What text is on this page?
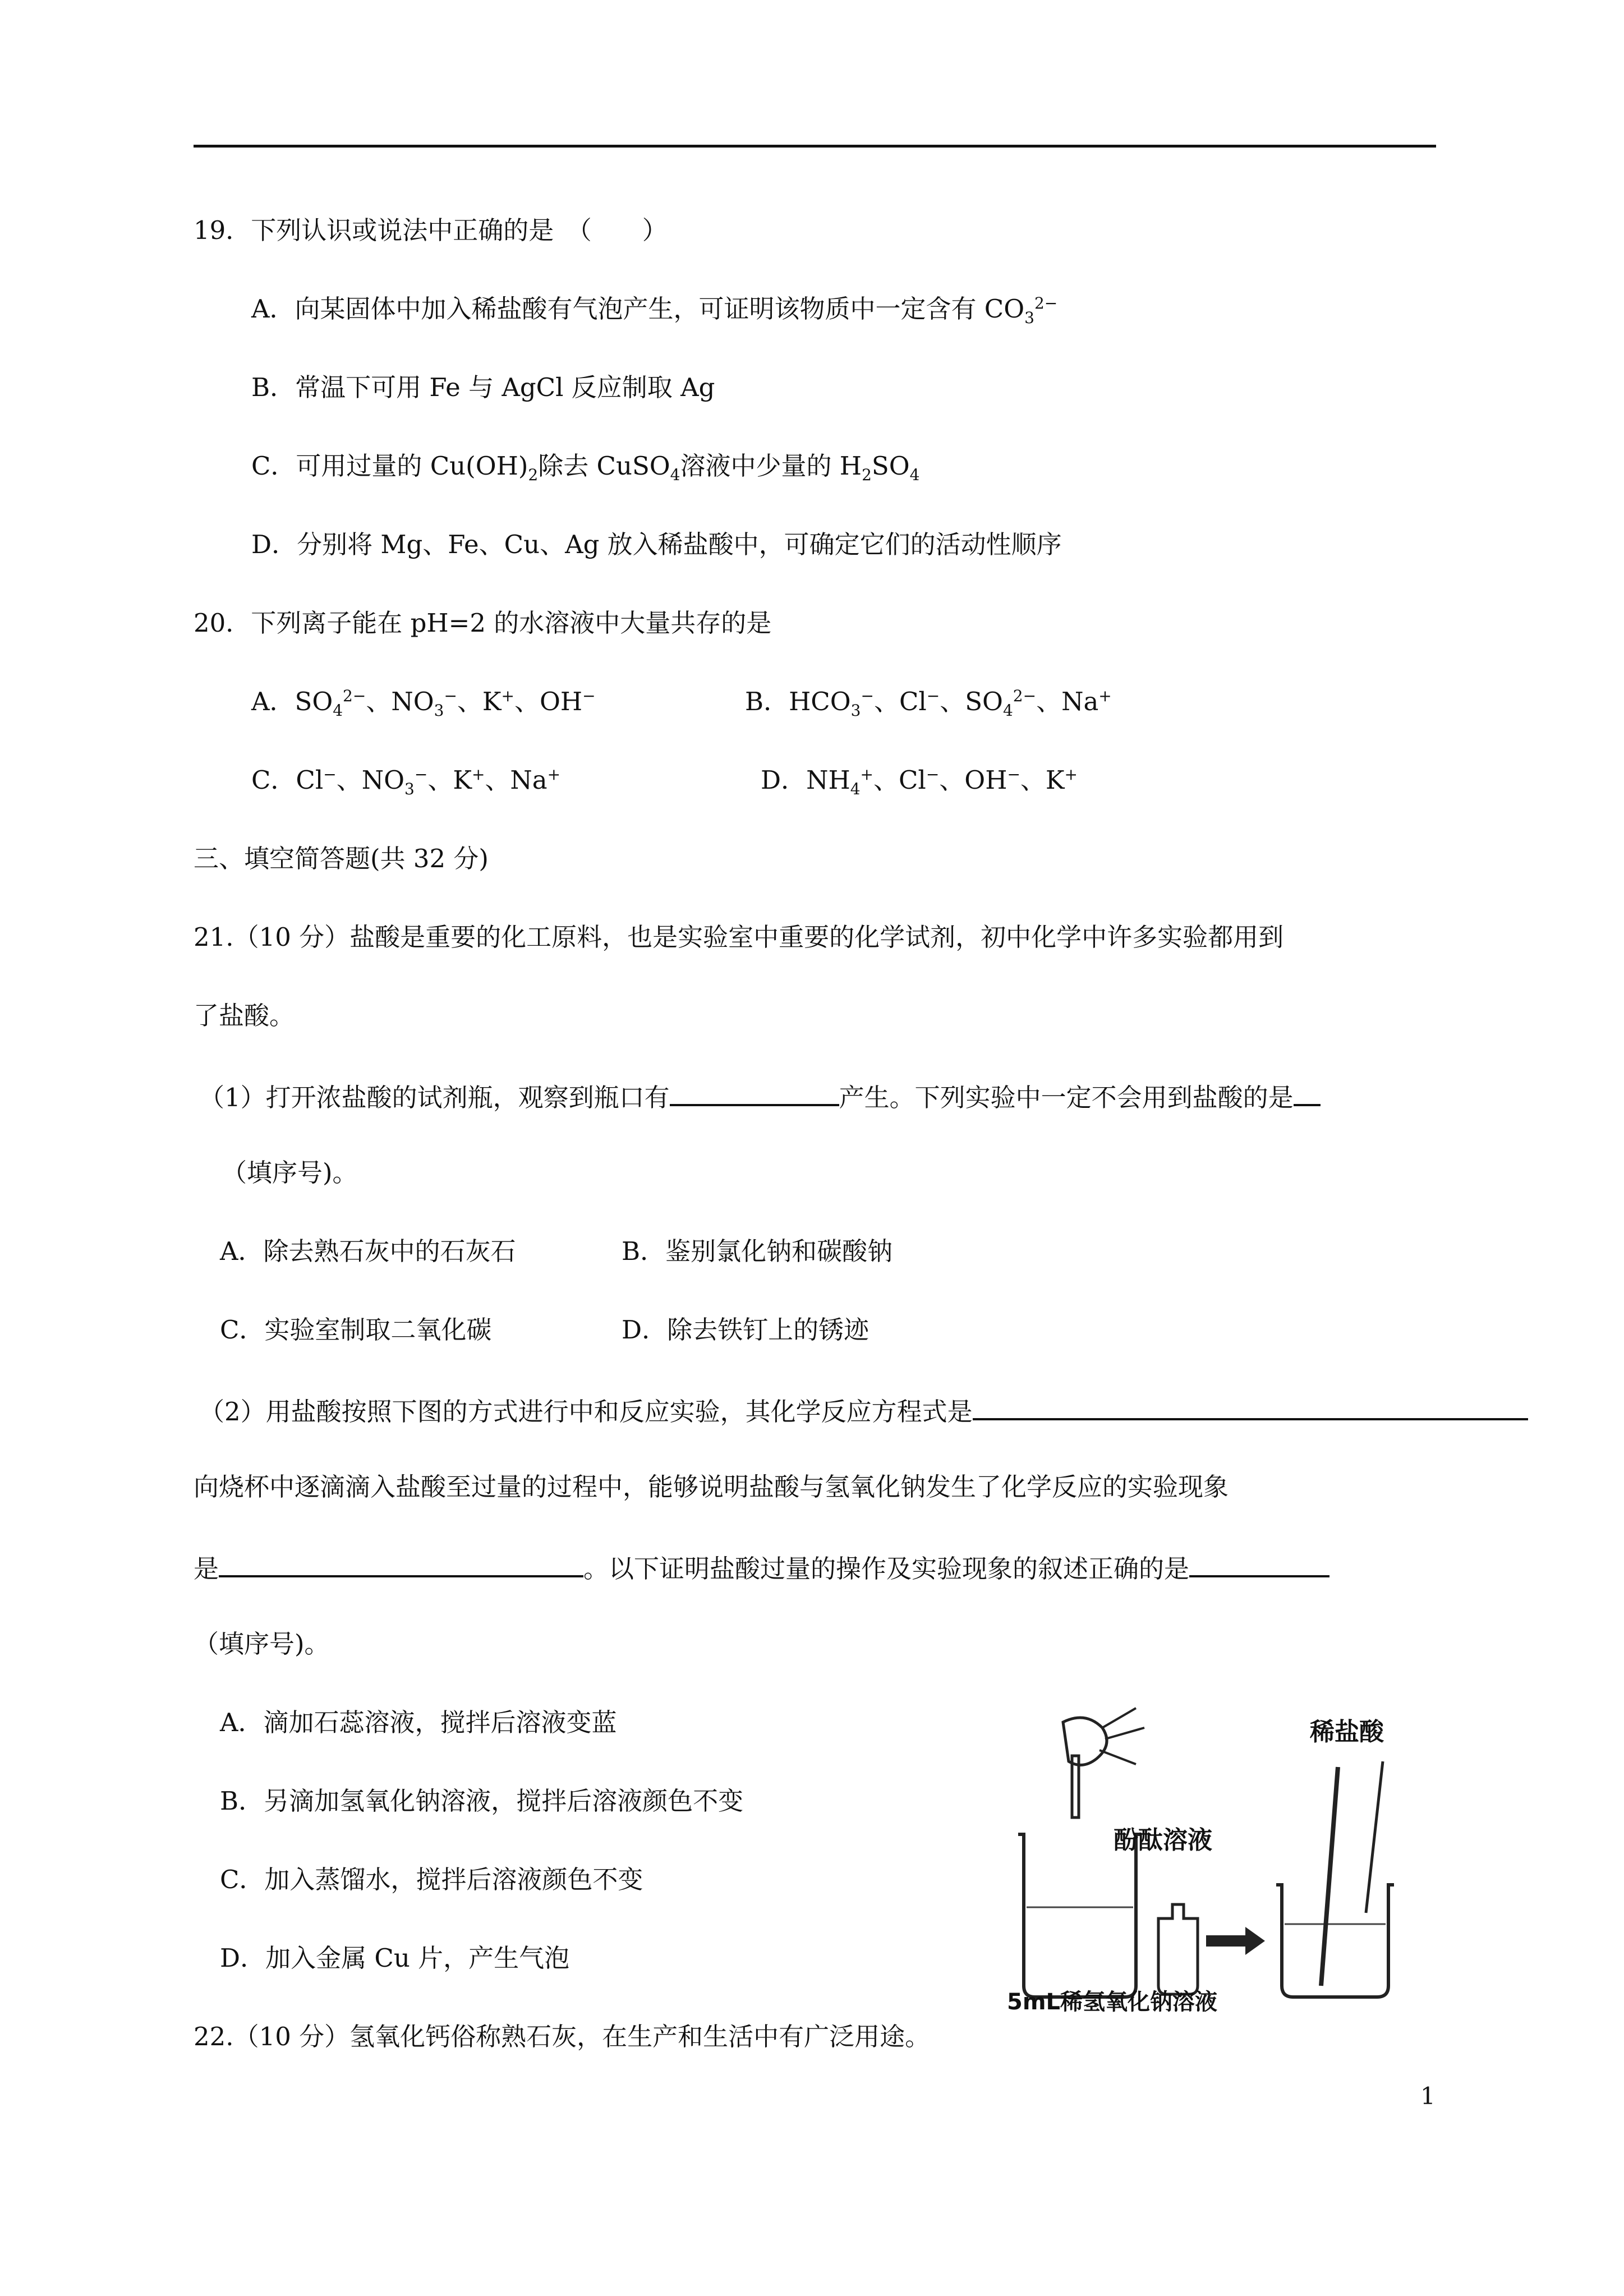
19．下列认识或说法中正确的是　（　　）
A．向某固体中加入稀盐酸有气泡产生，可证明该物质中一定含有 $CO_3^{2-}$
B．常温下可用 Fe 与 AgCl 反应制取 Ag
C．可用过量的 $Cu(OH)_2$除去 CuSO$_4$溶液中少量的 $H_2SO_4$
D．分别将 Mg、Fe、Cu、Ag 放入稀盐酸中，可确定它们的活动性顺序
20．下列离子能在 pH=2 的水溶液中大量共存的是
A．$SO_4^{2-}$、$NO_3^-$、K+、OH−	B．$HCO_3^-$、Cl−、$SO_4^{2-}$、Na+
C．Cl−、$NO_3^-$、K+、Na+	D．$NH_4^+$、Cl−、OH−、K+
三、填空简答题(共 32 分)
21.（10 分）盐酸是重要的化工原料，也是实验室中重要的化学试剂，初中化学中许多实验都用到
了盐酸。
（1）打开浓盐酸的试剂瓶，观察到瓶口有	产生。下列实验中一定不会用到盐酸的是
（填序号)。
A．除去熟石灰中的石灰石	B．鉴别氯化钠和碳酸钠
C．实验室制取二氧化碳	D．除去铁钉上的锈迹
（2）用盐酸按照下图的方式进行中和反应实验，其化学反应方程式是
向烧杯中逐滴滴入盐酸至过量的过程中，能够说明盐酸与氢氧化钠发生了化学反应的实验现象
是	。以下证明盐酸过量的操作及实验现象的叙述正确的是
（填序号)。
A．滴加石蕊溶液，搅拌后溶液变蓝
B．另滴加氢氧化钠溶液，搅拌后溶液颜色不变
C．加入蒸馏水，搅拌后溶液颜色不变
D．加入金属 Cu 片，产生气泡
稀盐酸
酚酞溶液
5mL稀氢氧化钠溶液
22.（10 分）氢氧化钙俗称熟石灰，在生产和生活中有广泛用途。
1
